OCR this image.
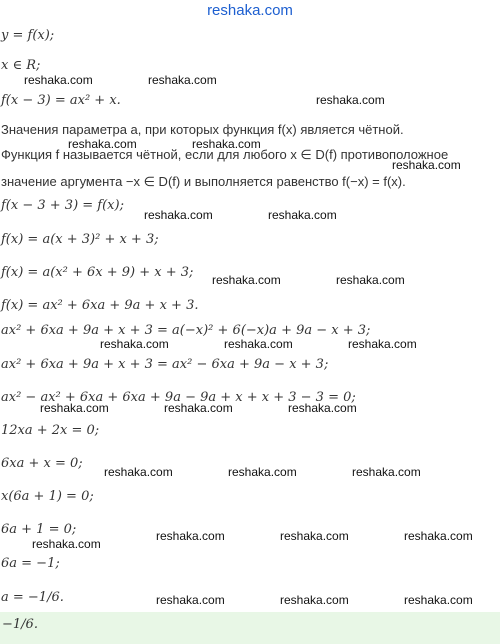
reshaka.com
y = f(x);
x ∈ R;
f(x − 3) = ax² + x.
Значения параметра a, при которых функция f(x) является чётной.
Функция f называется чётной, если для любого x ∈ D(f) противоположное
значение аргумента −x ∈ D(f) и выполняется равенство f(−x) = f(x).
f(x − 3 + 3) = f(x);
f(x) = a(x + 3)² + x + 3;
f(x) = a(x² + 6x + 9) + x + 3;
f(x) = ax² + 6xa + 9a + x + 3.
ax² + 6xa + 9a + x + 3 = a(−x)² + 6(−x)a + 9a − x + 3;
ax² + 6xa + 9a + x + 3 = ax² − 6xa + 9a − x + 3;
ax² − ax² + 6xa + 6xa + 9a − 9a + x + x + 3 − 3 = 0;
12xa + 2x = 0;
6xa + x = 0;
x(6a + 1) = 0;
6a + 1 = 0;
6a = −1;
a = −1/6.
−1/6.
reshaka.com	reshaka.com
reshaka.com
reshaka.com	reshaka.com
reshaka.com
reshaka.com	reshaka.com
reshaka.com	reshaka.com
reshaka.com	reshaka.com	reshaka.com
reshaka.com	reshaka.com	reshaka.com
reshaka.com	reshaka.com	reshaka.com
reshaka.com
reshaka.com	reshaka.com	reshaka.com
reshaka.com	reshaka.com	reshaka.com
